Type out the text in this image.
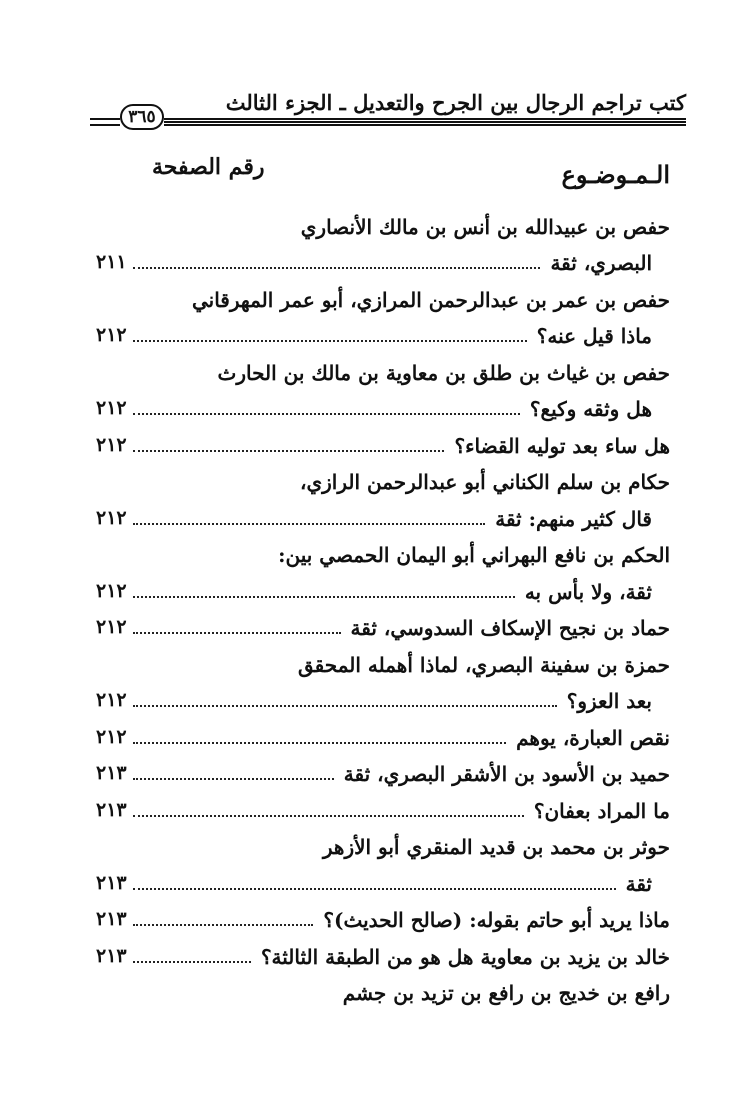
كتب تراجم الرجال بين الجرح والتعديل ـ الجزء الثالث
٣٦٥
الـمـوضـوع
رقم الصفحة
حفص بن عبيدالله بن أنس بن مالك الأنصاري
البصري، ثقة
٢١١
حفص بن عمر بن عبدالرحمن المرازي، أبو عمر المهرقاني
ماذا قيل عنه؟
٢١٢
حفص بن غياث بن طلق بن معاوية بن مالك بن الحارث
هل وثقه وكيع؟
٢١٢
هل ساء بعد توليه القضاء؟
٢١٢
حكام بن سلم الكناني أبو عبدالرحمن الرازي،
قال كثير منهم: ثقة
٢١٢
الحكم بن نافع البهراني أبو اليمان الحمصي بين:
ثقة، ولا بأس به
٢١٢
حماد بن نجيح الإسكاف السدوسي، ثقة
٢١٢
حمزة بن سفينة البصري، لماذا أهمله المحقق
بعد العزو؟
٢١٢
نقص العبارة، يوهم
٢١٢
حميد بن الأسود بن الأشقر البصري، ثقة
٢١٣
ما المراد بعفان؟
٢١٣
حوثر بن محمد بن قديد المنقري أبو الأزهر
ثقة
٢١٣
ماذا يريد أبو حاتم بقوله: (صالح الحديث)؟
٢١٣
خالد بن يزيد بن معاوية هل هو من الطبقة الثالثة؟
٢١٣
رافع بن خديج بن رافع بن تزيد بن جشم
